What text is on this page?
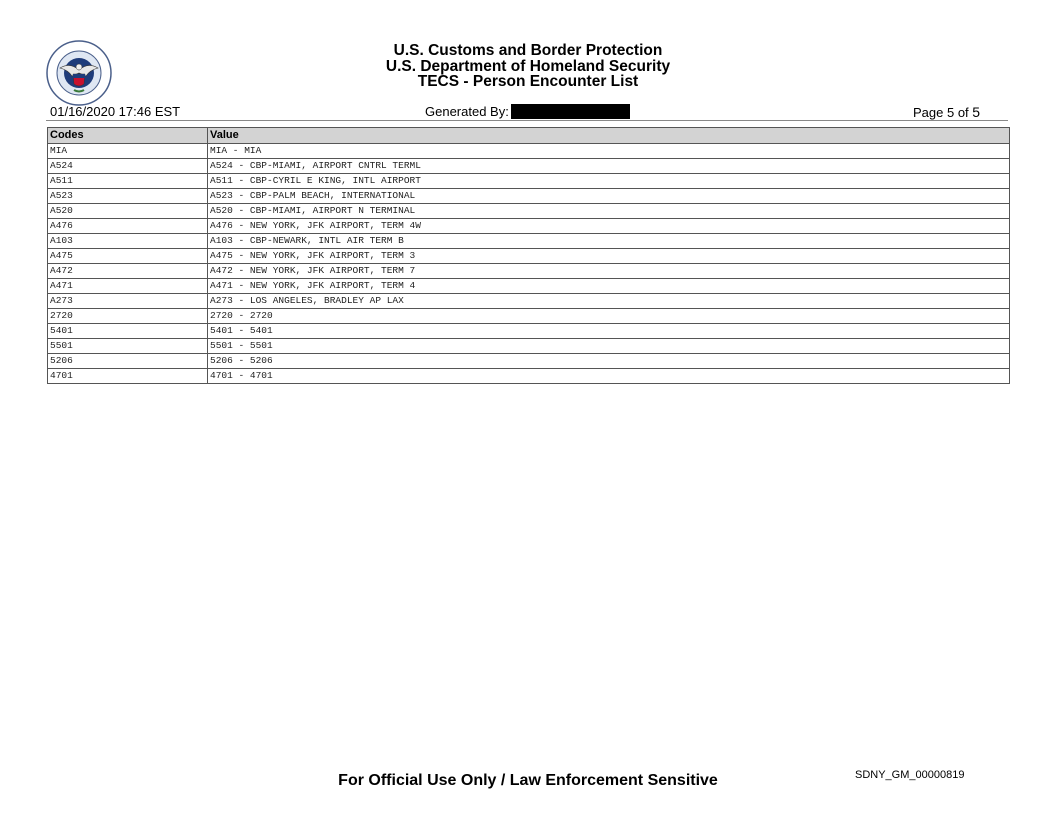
U.S. Customs and Border Protection
U.S. Department of Homeland Security
TECS - Person Encounter List
01/16/2020 17:46 EST	Generated By:	Page 5 of 5
Codes	Value
MIA	MIA - MIA
A524	A524 - CBP-MIAMI, AIRPORT CNTRL TERML
A511	A511 - CBP-CYRIL E KING, INTL AIRPORT
A523	A523 - CBP-PALM BEACH, INTERNATIONAL
A520	A520 - CBP-MIAMI, AIRPORT N TERMINAL
A476	A476 - NEW YORK, JFK AIRPORT, TERM 4W
A103	A103 - CBP-NEWARK, INTL AIR TERM B
A475	A475 - NEW YORK, JFK AIRPORT, TERM 3
A472	A472 - NEW YORK, JFK AIRPORT, TERM 7
A471	A471 - NEW YORK, JFK AIRPORT, TERM 4
A273	A273 - LOS ANGELES, BRADLEY AP LAX
2720	2720 - 2720
5401	5401 - 5401
5501	5501 - 5501
5206	5206 - 5206
4701	4701 - 4701
SDNY_GM_00000819
For Official Use Only / Law Enforcement Sensitive
